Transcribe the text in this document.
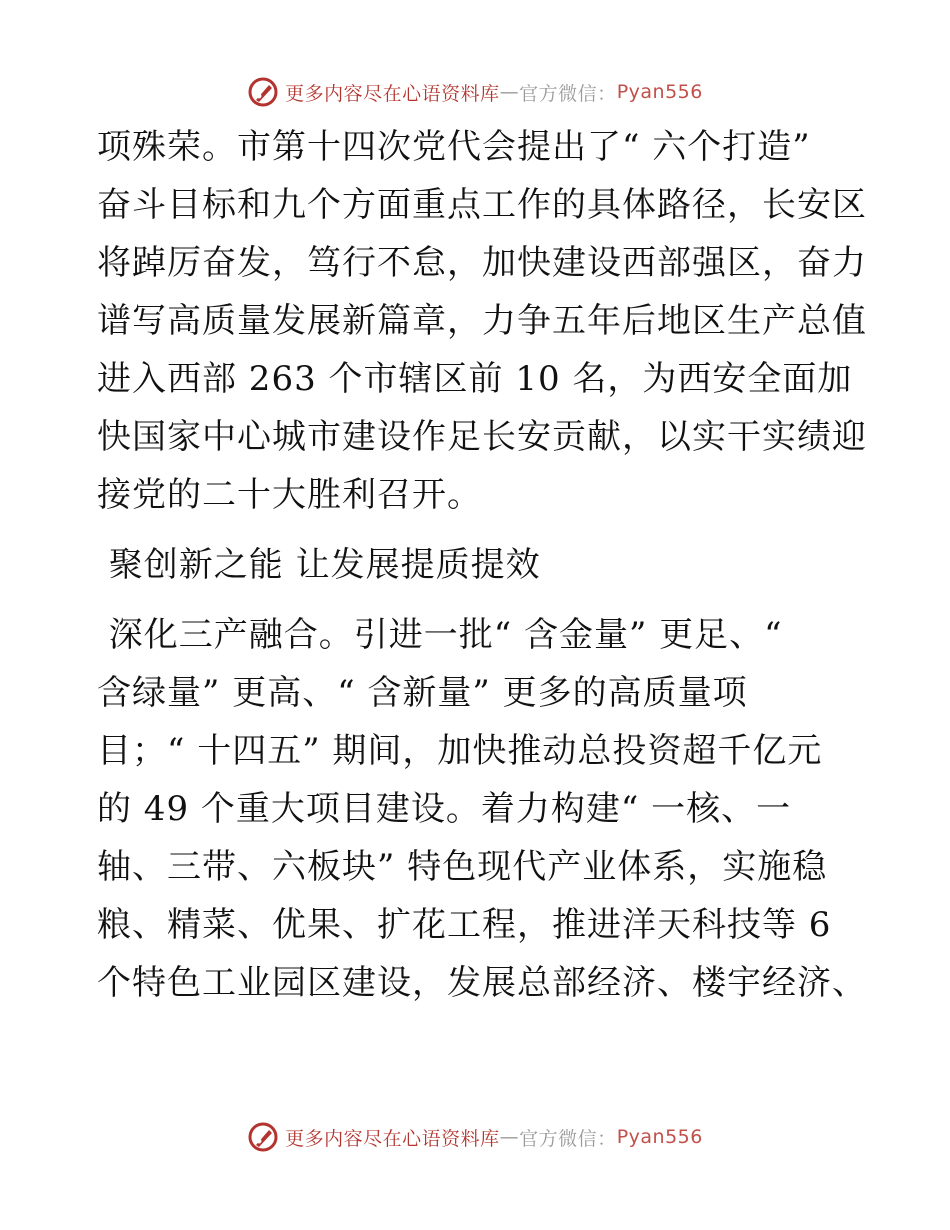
更多内容尽在心语资料库 — 官方微信： Pyan556
项殊荣。市第十四次党代会提出了“ 六个打造”
奋斗目标和九个方面重点工作的具体路径，长安区
将踔厉奋发，笃行不怠，加快建设西部强区，奋力
谱写高质量发展新篇章，力争五年后地区生产总值
进入西部 263 个市辖区前 10 名，为西安全面加
快国家中心城市建设作足长安贡献，以实干实绩迎
接党的二十大胜利召开。
聚创新之能 让发展提质提效
深化三产融合。引进一批“ 含金量” 更足、“
含绿量” 更高、“ 含新量” 更多的高质量项
目；“ 十四五” 期间，加快推动总投资超千亿元
的 49 个重大项目建设。着力构建“ 一核、一
轴、三带、六板块” 特色现代产业体系，实施稳
粮、精菜、优果、扩花工程，推进洋天科技等 6
个特色工业园区建设，发展总部经济、楼宇经济、
更多内容尽在心语资料库 — 官方微信： Pyan556
